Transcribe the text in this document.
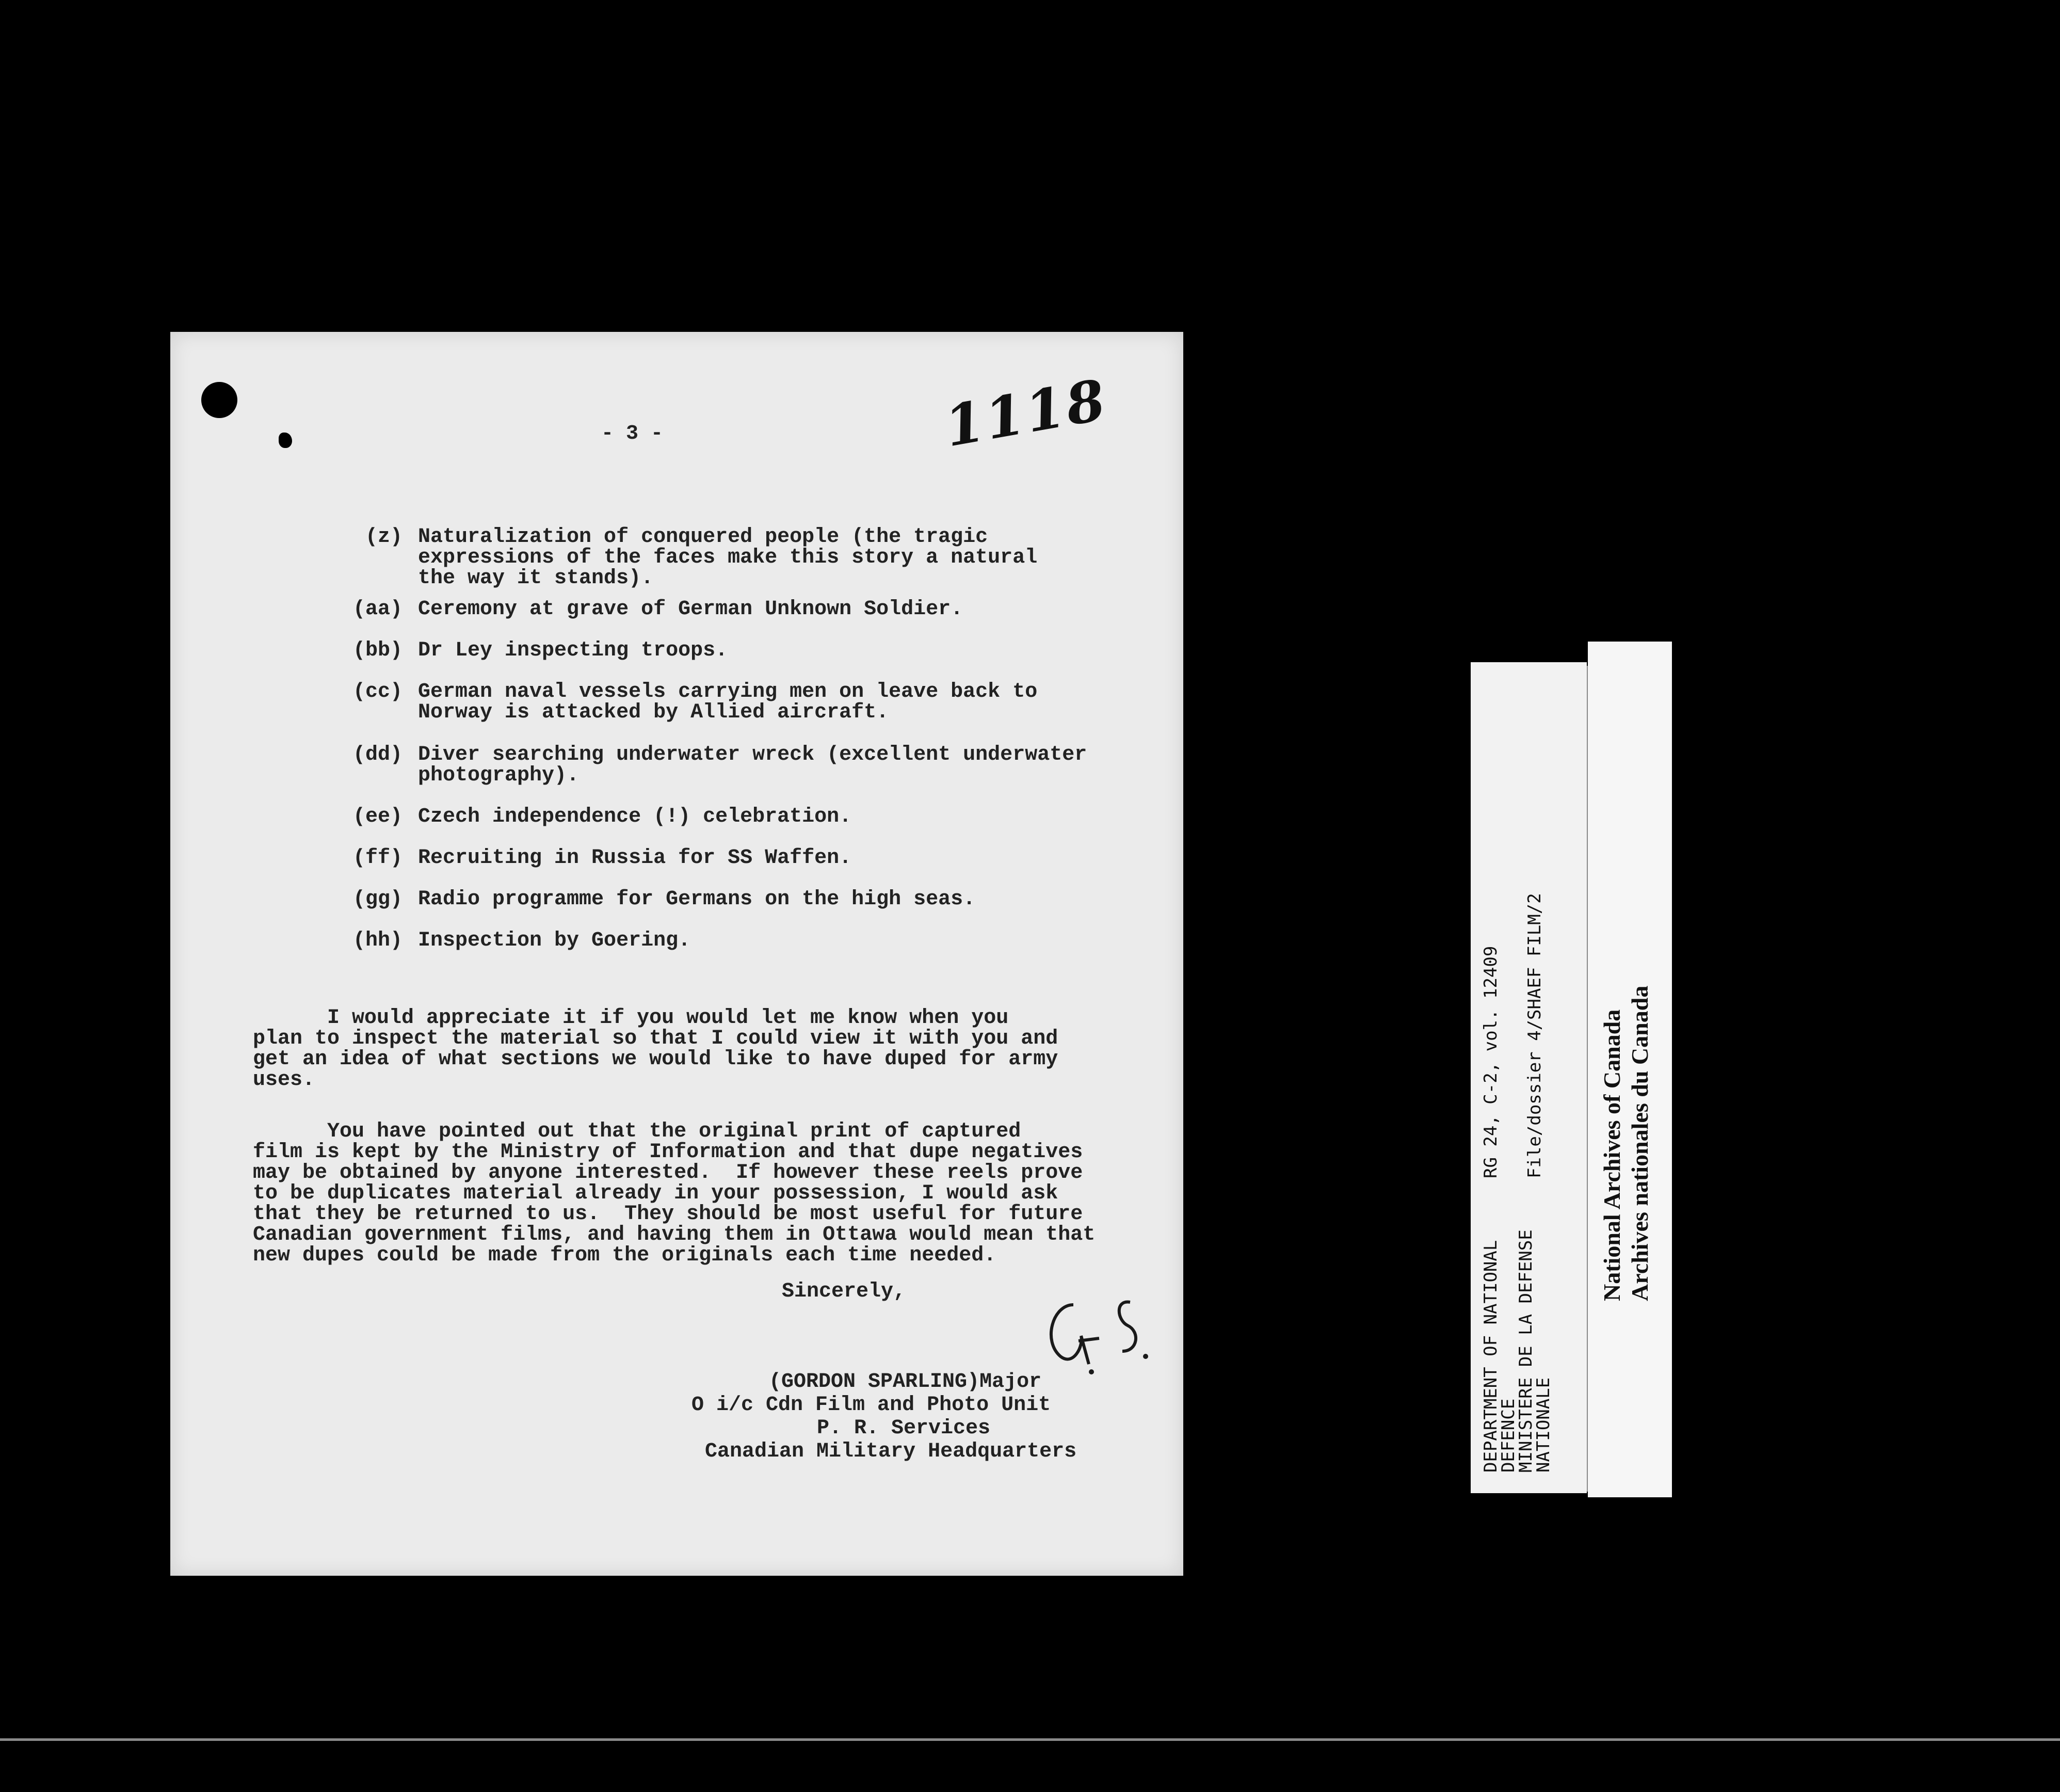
- 3 -	1118
(z) Naturalization of conquered people (the tragic
expressions of the faces make this story a natural
the way it stands).
(aa) Ceremony at grave of German Unknown Soldier.
(bb) Dr Ley inspecting troops.
(cc) German naval vessels carrying men on leave back to
Norway is attacked by Allied aircraft.
(dd) Diver searching underwater wreck (excellent underwater
photography).
(ee) Czech independence (!) celebration.
(ff) Recruiting in Russia for SS Waffen.
(gg) Radio programme for Germans on the high seas.
(hh) Inspection by Goering.
I would appreciate it if you would let me know when you
plan to inspect the material so that I could view it with you and
get an idea of what sections we would like to have duped for army
uses.
You have pointed out that the original print of captured
film is kept by the Ministry of Information and that dupe negatives
may be obtained by anyone interested.  If however these reels prove
to be duplicates material already in your possession, I would ask
that they be returned to us.  They should be most useful for future
Canadian government films, and having them in Ottawa would mean that
new dupes could be made from the originals each time needed.
Sincerely,
(GORDON SPARLING)Major
O i/c Cdn Film and Photo Unit
P. R. Services
Canadian Military Headquarters	DEPARTMENT OF NATIONAL
DEFENCE
RG 24, C-2, vol. 12409
MINISTERE DE LA DEFENSE
NATIONALE
File/dossier 4/SHAEF FILM/2 National Archives of Canada Archives nationales du Canada
